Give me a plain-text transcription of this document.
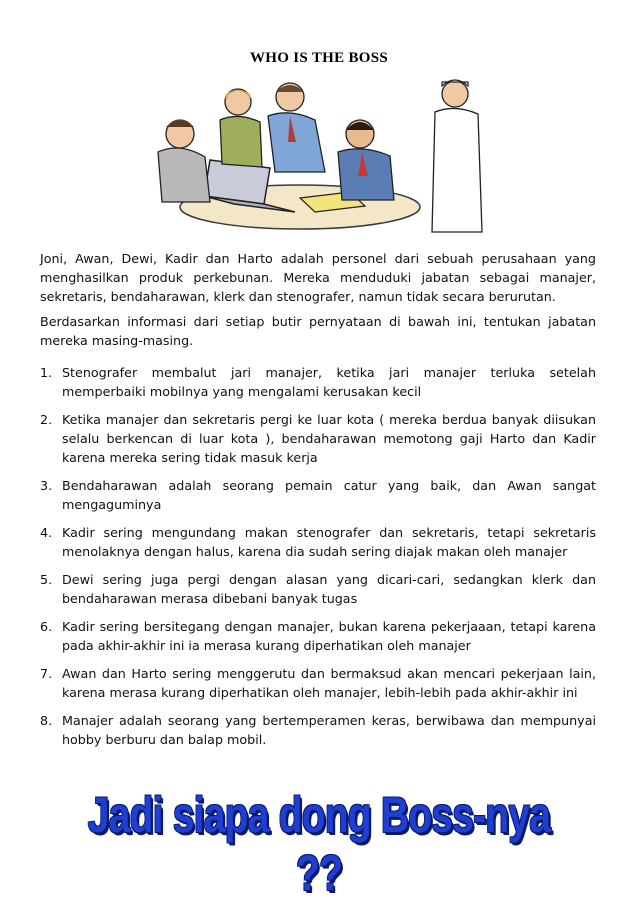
WHO IS THE BOSS
Joni, Awan, Dewi, Kadir dan Harto adalah personel dari sebuah perusahaan yang menghasilkan produk perkebunan. Mereka menduduki jabatan sebagai manajer, sekretaris, bendaharawan, klerk dan stenografer, namun tidak secara berurutan.
Berdasarkan informasi dari setiap butir pernyataan di bawah ini, tentukan jabatan mereka masing-masing.
1. Stenografer membalut jari manajer, ketika jari manajer terluka setelah memperbaiki mobilnya yang mengalami kerusakan kecil
2. Ketika manajer dan sekretaris pergi ke luar kota ( mereka berdua banyak diisukan selalu berkencan di luar kota ), bendaharawan memotong gaji Harto dan Kadir karena mereka sering tidak masuk kerja
3. Bendaharawan adalah seorang pemain catur yang baik, dan Awan sangat mengaguminya
4. Kadir sering mengundang makan stenografer dan sekretaris, tetapi sekretaris menolaknya dengan halus, karena dia sudah sering diajak makan oleh manajer
5. Dewi sering juga pergi dengan alasan yang dicari-cari, sedangkan klerk dan bendaharawan merasa dibebani banyak tugas
6. Kadir sering bersitegang dengan manajer, bukan karena pekerjaaan, tetapi karena pada akhir-akhir ini ia merasa kurang diperhatikan oleh manajer
7. Awan dan Harto sering menggerutu dan bermaksud akan mencari pekerjaan lain, karena merasa kurang diperhatikan oleh manajer, lebih-lebih pada akhir-akhir ini
8. Manajer adalah seorang yang bertemperamen keras, berwibawa dan mempunyai hobby berburu dan balap mobil.
Jadi siapa dong Boss-nya ??
